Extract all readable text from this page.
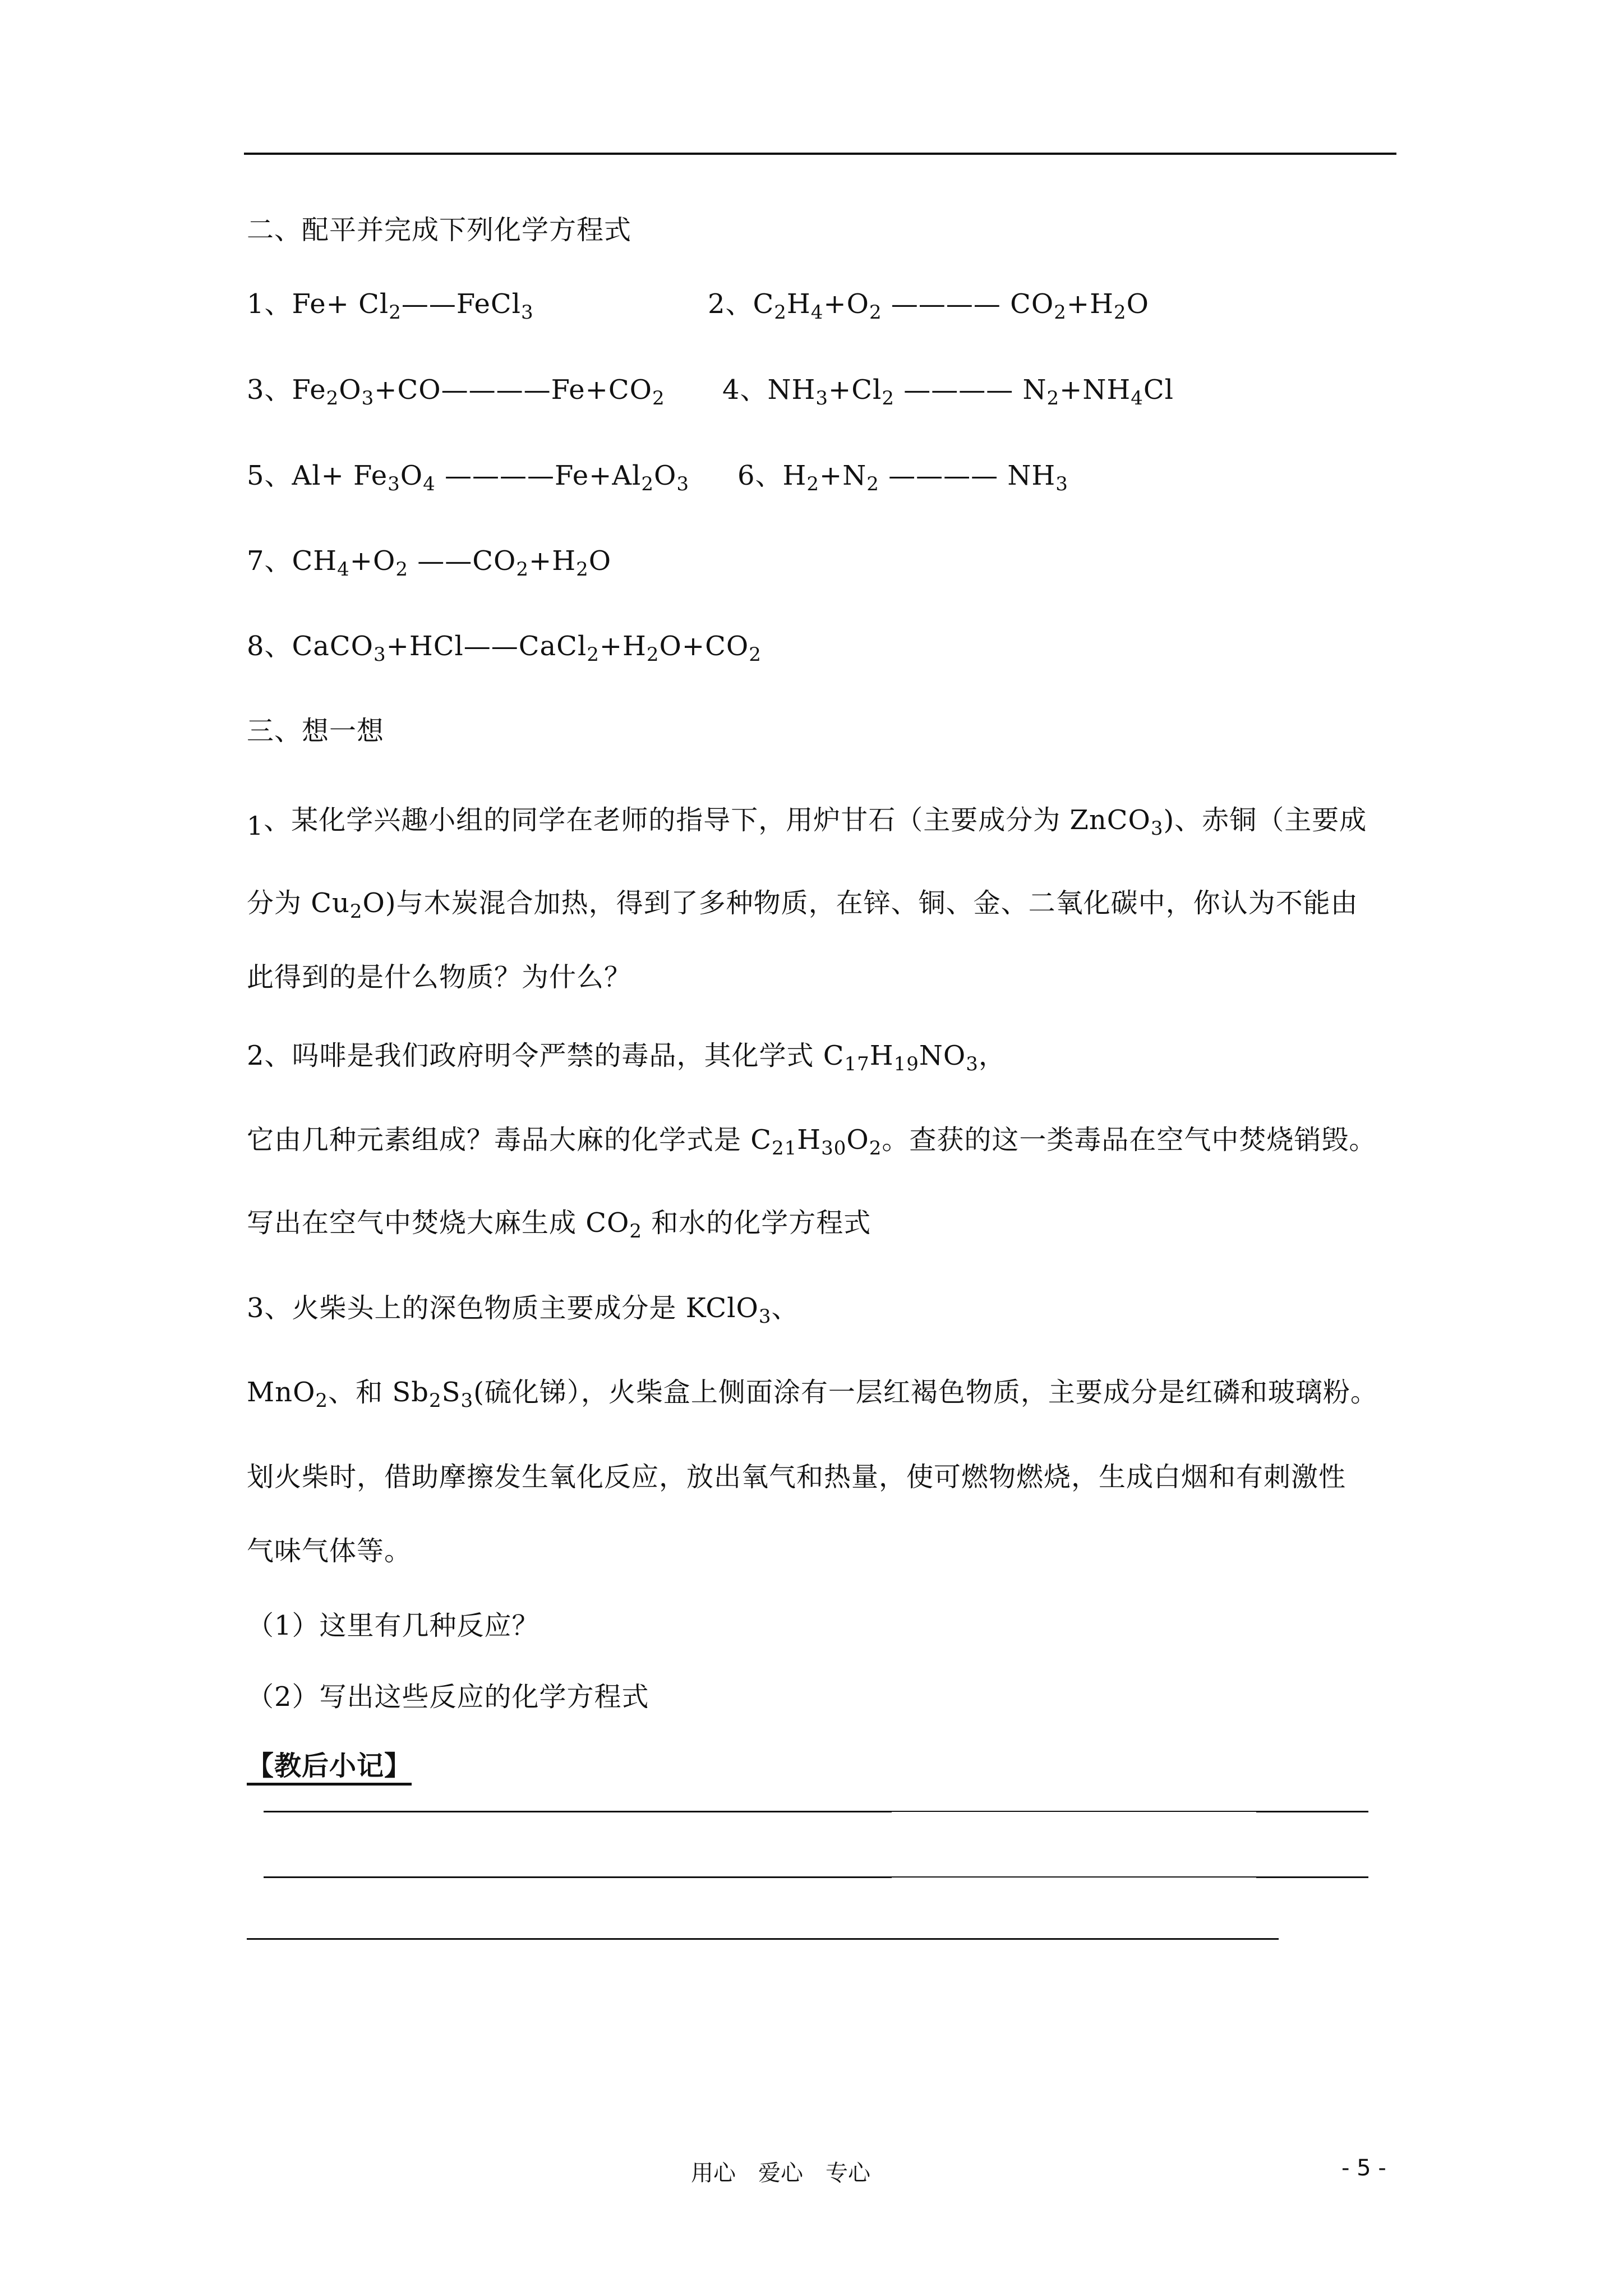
二、配平并完成下列化学方程式
1、$Fe+ Cl_2——FeCl_3$	2、$C_2H_4+O_2$ ———— $CO_2+H_2O$
3、$Fe_2O_3+CO————Fe+CO_2$ 4、$NH_3+Cl_2$ ———— $N_2+NH_4Cl$
5、$Al+ Fe_3O_4$ $————Fe+Al_2O_3$ 6、$H_2+N_2$ ———— $NH_3$
7、$CH_4+O_2$ $——CO_2+H_2O$
8、$CaCO_3+HCl——CaCl_2+H_2O+CO_2$
三、想一想
1、某化学兴趣小组的同学在老师的指导下，用炉甘石（主要成分为 ZnCO$_3$)、赤铜（主要成
分为 $Cu_2O$)与木炭混合加热，得到了多种物质，在锌、铜、金、二氧化碳中，你认为不能由
此得到的是什么物质？为什么？
2、吗啡是我们政府明令严禁的毒品，其化学式 $C_{17}H_{19}NO_3$，
它由几种元素组成？毒品大麻的化学式是 $C_{21}H_{30}O_2$。查获的这一类毒品在空气中焚烧销毁。
写出在空气中焚烧大麻生成 $CO_2$ 和水的化学方程式
3、火柴头上的深色物质主要成分是 KClO$_3$、
MnO$_2$、和 $Sb_2S_3$(硫化锑），火柴盒上侧面涂有一层红褐色物质，主要成分是红磷和玻璃粉。
划火柴时，借助摩擦发生氧化反应，放出氧气和热量，使可燃物燃烧，生成白烟和有刺激性
气味气体等。
（1）这里有几种反应？
（2）写出这些反应的化学方程式
【教后小记】
用心　爱心　专心	- 5 -
